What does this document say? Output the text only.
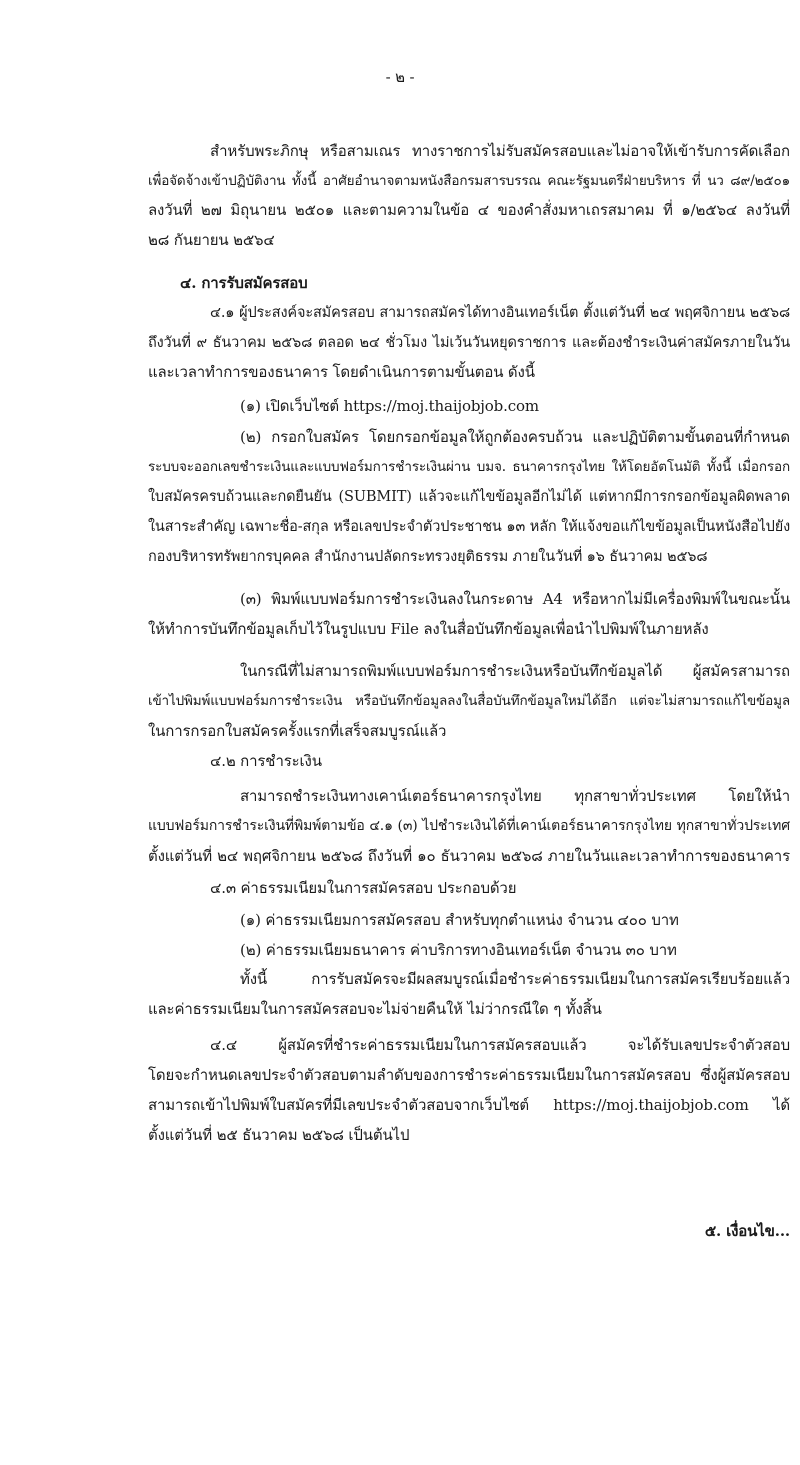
- ๒ -
สำหรับพระภิกษุ หรือสามเณร ทางราชการไม่รับสมัครสอบและไม่อาจให้เข้ารับการคัดเลือก
เพื่อจัดจ้างเข้าปฏิบัติงาน ทั้งนี้ อาศัยอำนาจตามหนังสือกรมสารบรรณ คณะรัฐมนตรีฝ่ายบริหาร ที่ นว ๘๙/๒๕๐๑
ลงวันที่ ๒๗ มิถุนายน ๒๕๐๑ และตามความในข้อ ๔ ของคำสั่งมหาเถรสมาคม ที่ ๑/๒๕๖๔ ลงวันที่
๒๘ กันยายน ๒๕๖๔
๔. การรับสมัครสอบ
๔.๑ ผู้ประสงค์จะสมัครสอบ สามารถสมัครได้ทางอินเทอร์เน็ต ตั้งแต่วันที่ ๒๔ พฤศจิกายน ๒๕๖๘
ถึงวันที่ ๙ ธันวาคม ๒๕๖๘ ตลอด ๒๔ ชั่วโมง ไม่เว้นวันหยุดราชการ และต้องชำระเงินค่าสมัครภายในวัน
และเวลาทำการของธนาคาร โดยดำเนินการตามขั้นตอน ดังนี้
(๑) เปิดเว็บไซต์ https://moj.thaijobjob.com
(๒) กรอกใบสมัคร โดยกรอกข้อมูลให้ถูกต้องครบถ้วน และปฏิบัติตามขั้นตอนที่กำหนด
ระบบจะออกเลขชำระเงินและแบบฟอร์มการชำระเงินผ่าน บมจ. ธนาคารกรุงไทย ให้โดยอัตโนมัติ ทั้งนี้ เมื่อกรอก
ใบสมัครครบถ้วนและกดยืนยัน (SUBMIT) แล้วจะแก้ไขข้อมูลอีกไม่ได้ แต่หากมีการกรอกข้อมูลผิดพลาด
ในสาระสำคัญ เฉพาะชื่อ-สกุล หรือเลขประจำตัวประชาชน ๑๓ หลัก ให้แจ้งขอแก้ไขข้อมูลเป็นหนังสือไปยัง
กองบริหารทรัพยากรบุคคล สำนักงานปลัดกระทรวงยุติธรรม ภายในวันที่ ๑๖ ธันวาคม ๒๕๖๘
(๓) พิมพ์แบบฟอร์มการชำระเงินลงในกระดาษ A4 หรือหากไม่มีเครื่องพิมพ์ในขณะนั้น
ให้ทำการบันทึกข้อมูลเก็บไว้ในรูปแบบ File ลงในสื่อบันทึกข้อมูลเพื่อนำไปพิมพ์ในภายหลัง
ในกรณีที่ไม่สามารถพิมพ์แบบฟอร์มการชำระเงินหรือบันทึกข้อมูลได้ ผู้สมัครสามารถ
เข้าไปพิมพ์แบบฟอร์มการชำระเงิน หรือบันทึกข้อมูลลงในสื่อบันทึกข้อมูลใหม่ได้อีก แต่จะไม่สามารถแก้ไขข้อมูล
ในการกรอกใบสมัครครั้งแรกที่เสร็จสมบูรณ์แล้ว
๔.๒ การชำระเงิน
สามารถชำระเงินทางเคาน์เตอร์ธนาคารกรุงไทย ทุกสาขาทั่วประเทศ โดยให้นำ
แบบฟอร์มการชำระเงินที่พิมพ์ตามข้อ ๔.๑ (๓) ไปชำระเงินได้ที่เคาน์เตอร์ธนาคารกรุงไทย ทุกสาขาทั่วประเทศ
ตั้งแต่วันที่ ๒๔ พฤศจิกายน ๒๕๖๘ ถึงวันที่ ๑๐ ธันวาคม ๒๕๖๘ ภายในวันและเวลาทำการของธนาคาร
๔.๓ ค่าธรรมเนียมในการสมัครสอบ ประกอบด้วย
(๑) ค่าธรรมเนียมการสมัครสอบ สำหรับทุกตำแหน่ง จำนวน ๔๐๐ บาท
(๒) ค่าธรรมเนียมธนาคาร ค่าบริการทางอินเทอร์เน็ต จำนวน ๓๐ บาท
ทั้งนี้ การรับสมัครจะมีผลสมบูรณ์เมื่อชำระค่าธรรมเนียมในการสมัครเรียบร้อยแล้ว
และค่าธรรมเนียมในการสมัครสอบจะไม่จ่ายคืนให้ ไม่ว่ากรณีใด ๆ ทั้งสิ้น
๔.๔ ผู้สมัครที่ชำระค่าธรรมเนียมในการสมัครสอบแล้ว จะได้รับเลขประจำตัวสอบ
โดยจะกำหนดเลขประจำตัวสอบตามลำดับของการชำระค่าธรรมเนียมในการสมัครสอบ ซึ่งผู้สมัครสอบ
สามารถเข้าไปพิมพ์ใบสมัครที่มีเลขประจำตัวสอบจากเว็บไซต์ https://moj.thaijobjob.com ได้
ตั้งแต่วันที่ ๒๕ ธันวาคม ๒๕๖๘ เป็นต้นไป
๕. เงื่อนไข...
